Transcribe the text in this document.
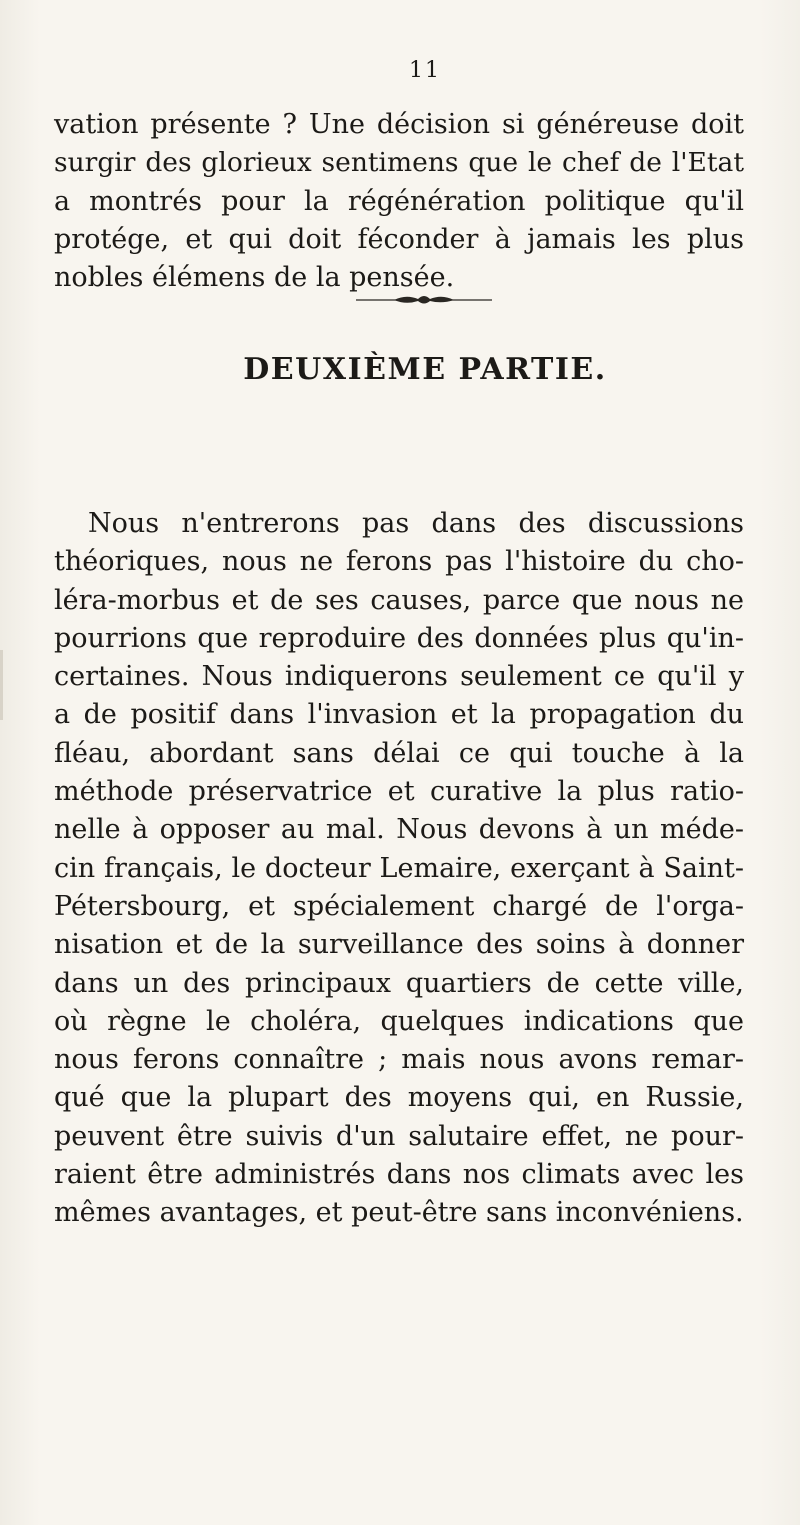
11
vation présente ? Une décision si généreuse doit
surgir des glorieux sentimens que le chef de l'Etat
a montrés pour la régénération politique qu'il
protége, et qui doit féconder à jamais les plus
nobles élémens de la pensée.
DEUXIÈME PARTIE.
Nous n'entrerons pas dans des discussions
théoriques, nous ne ferons pas l'histoire du cho-
léra-morbus et de ses causes, parce que nous ne
pourrions que reproduire des données plus qu'in-
certaines. Nous indiquerons seulement ce qu'il y
a de positif dans l'invasion et la propagation du
fléau, abordant sans délai ce qui touche à la
méthode préservatrice et curative la plus ratio-
nelle à opposer au mal. Nous devons à un méde-
cin français, le docteur Lemaire, exerçant à Saint-
Pétersbourg, et spécialement chargé de l'orga-
nisation et de la surveillance des soins à donner
dans un des principaux quartiers de cette ville,
où règne le choléra, quelques indications que
nous ferons connaître ; mais nous avons remar-
qué que la plupart des moyens qui, en Russie,
peuvent être suivis d'un salutaire effet, ne pour-
raient être administrés dans nos climats avec les
mêmes avantages, et peut-être sans inconvéniens.
